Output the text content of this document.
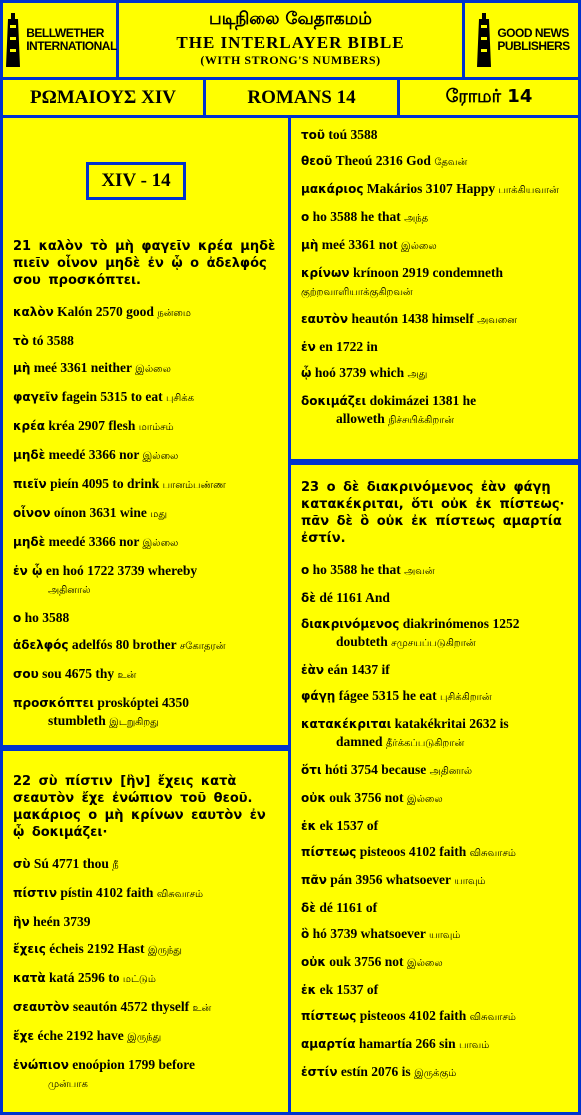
BELLWETHER
INTERNATIONAL
படிநிலை வேதாகமம்
THE INTERLAYER BIBLE
(WITH STRONG'S NUMBERS)
GOOD NEWS
PUBLISHERS
ΡΩΜΑΙΟΥΣ XIV	ROMANS 14	ரோமர் 14
XIV - 14
21 καλὸν τὸ μὴ φαγεῖν κρέα μηδὲ πιεῖν οἶνον μηδὲ ἐν ᾧ ο ἀδελφός σου προσκόπτει.
καλὸν Kalón 2570 good நன்மை
τὸ tó 3588
μὴ meé 3361 neither இல்லை
φαγεῖν fagein 5315 to eat புசிக்க
κρέα kréa 2907 flesh மாம்சம்
μηδὲ meedé 3366 nor இல்லை
πιεῖν pieín 4095 to drink பானம்பண்ண
οἶνον oínon 3631 wine மது
μηδὲ meedé 3366 nor இல்லை
ἐν ᾧ en hoó 1722 3739 whereby
அதினால்
ο ho 3588
ἀδελφός adelfós 80 brother சகோதரன்
σου sou 4675 thy உன்
προσκόπτει proskóptei 4350
stumbleth இடறுகிறது
22 σὺ πίστιν [ἣν] ἔχεις κατὰ σεαυτὸν ἔχε ἐνώπιον τοῦ θεοῦ. μακάριος ο μὴ κρίνων εαυτὸν ἐν ᾧ δοκιμάζει·
σὺ Sú 4771 thou நீ
πίστιν pístin 4102 faith விசுவாசம்
ἣν heén 3739
ἔχεις écheis 2192 Hast இருந்து
κατὰ katá 2596 to மட்டும்
σεαυτὸν seautón 4572 thyself உன்
ἔχε éche 2192 have இருந்து
ἐνώπιον enoópion 1799 before
முன்பாக
τοῦ toú 3588
θεοῦ Theoú 2316 God தேவன்
μακάριος Makários 3107 Happy பாக்கியவான்
ο ho 3588 he that அந்த
μὴ meé 3361 not இல்லை
κρίνων krínoon 2919 condemneth குற்றவாளியாக்குகிறவன்
εαυτὸν heautón 1438 himself அவனை
ἐν en 1722 in
ᾧ hoó 3739 which அது
δοκιμάζει dokimázei 1381 he
alloweth நிச்சயிக்கிறான்
23 ο δὲ διακρινόμενος ἐὰν φάγῃ κατακέκριται, ὅτι οὐκ ἐκ πίστεως· πᾶν δὲ ὃ οὐκ ἐκ πίστεως αμαρτία ἐστίν.
ο ho 3588 he that அவன்
δὲ dé 1161 And
διακρινόμενος diakrinómenos 1252
doubteth சமுசயப்படுகிறான்
ἐὰν eán 1437 if
φάγῃ fágee 5315 he eat புசிக்கிறான்
κατακέκριται katakékritai 2632 is
damned தீர்க்கப்படுகிறான்
ὅτι hóti 3754 because அதினால்
οὐκ ouk 3756 not இல்லை
ἐκ ek 1537 of
πίστεως pisteoos 4102 faith விசுவாசம்
πᾶν pán 3956 whatsoever யாவும்
δὲ dé 1161 of
ὃ hó 3739 whatsoever யாவும்
οὐκ ouk 3756 not இல்லை
ἐκ ek 1537 of
πίστεως pisteoos 4102 faith விசுவாசம்
αμαρτία hamartía 266 sin பாவம்
ἐστίν estín 2076 is இருக்கும்
